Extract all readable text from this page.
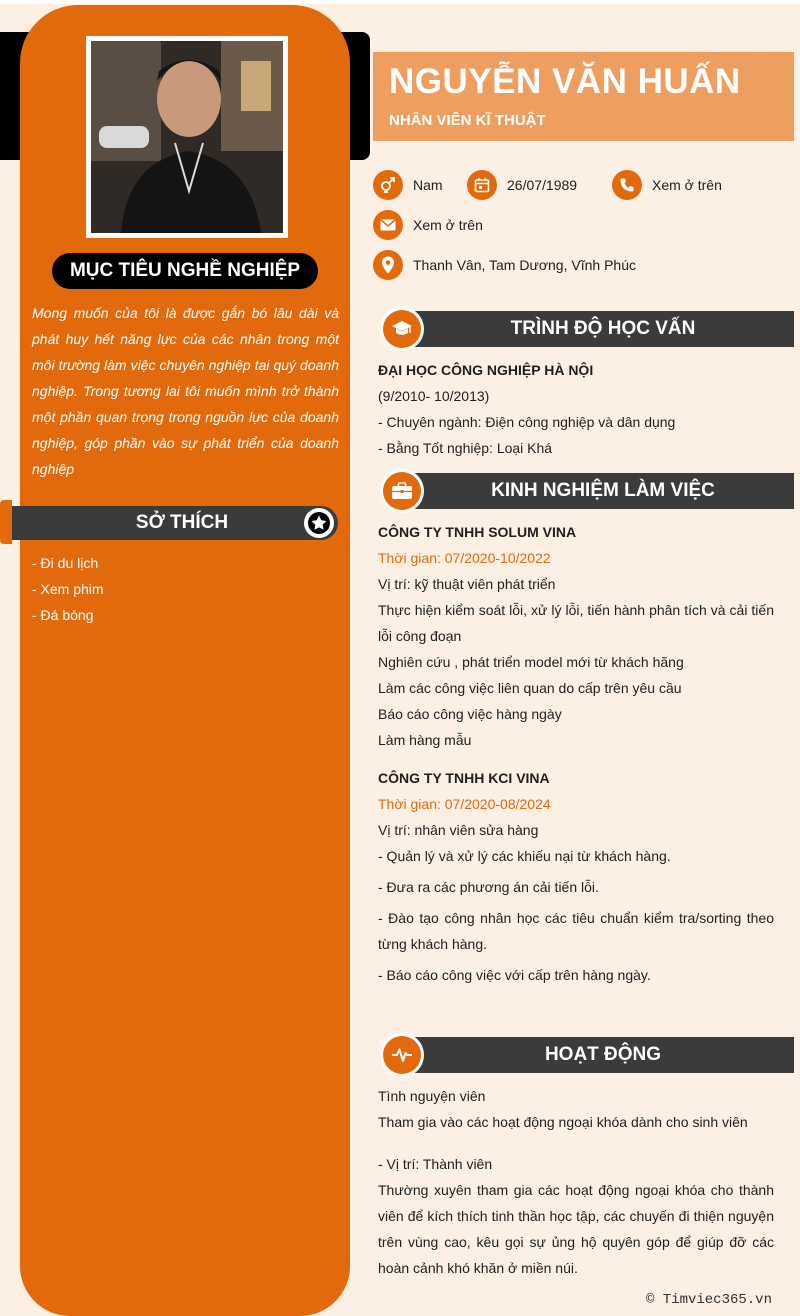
MỤC TIÊU NGHỀ NGHIỆP
Mong muốn của tôi là được gắn bó lâu dài và phát huy hết năng lực của các nhân trong một môi trường làm việc chuyên nghiệp tại quý doanh nghiệp. Trong tương lai tôi muốn mình trở thành một phần quan trọng trong nguồn lực của doanh nghiệp, góp phần vào sự phát triển của doanh nghiệp
SỞ THÍCH
- Đi du lịch
- Xem phim
- Đá bóng
NGUYỄN VĂN HUẤN
NHÂN VIÊN KĨ THUẬT
Nam	26/07/1989	Xem ở trên
Xem ở trên
Thanh Vân, Tam Dương, Vĩnh Phúc
TRÌNH ĐỘ HỌC VẤN
ĐẠI HỌC CÔNG NGHIỆP HÀ NỘI
(9/2010- 10/2013)
- Chuyên ngành: Điện công nghiệp và dân dụng
- Bằng Tốt nghiệp: Loại Khá
KINH NGHIỆM LÀM VIỆC
CÔNG TY TNHH SOLUM VINA
Thời gian: 07/2020-10/2022
Vị trí: kỹ thuật viên phát triển
Thực hiện kiểm soát lỗi, xử lý lỗi, tiến hành phân tích và cải tiến lỗi công đoạn
Nghiên cứu , phát triển model mới từ khách hãng
Làm các công việc liên quan do cấp trên yêu cầu
Báo cáo công việc hàng ngày
Làm hàng mẫu
CÔNG TY TNHH KCI VINA
Thời gian: 07/2020-08/2024
Vị trí: nhân viên sửa hàng
- Quản lý và xử lý các khiếu nại từ khách hàng.
- Đưa ra các phương án cải tiến lỗi.
- Đào tạo công nhân học các tiêu chuẩn kiểm tra/sorting theo từng khách hàng.
- Báo cáo công việc với cấp trên hàng ngày.
HOẠT ĐỘNG
Tình nguyện viên
Tham gia vào các hoạt động ngoại khóa dành cho sinh viên
- Vị trí: Thành viên
Thường xuyên tham gia các hoạt động ngoại khóa cho thành viên để kích thích tinh thần học tập, các chuyến đi thiện nguyện trên vùng cao, kêu gọi sự ủng hộ quyên góp để giúp đỡ các hoàn cảnh khó khăn ở miền núi.
© Timviec365.vn
